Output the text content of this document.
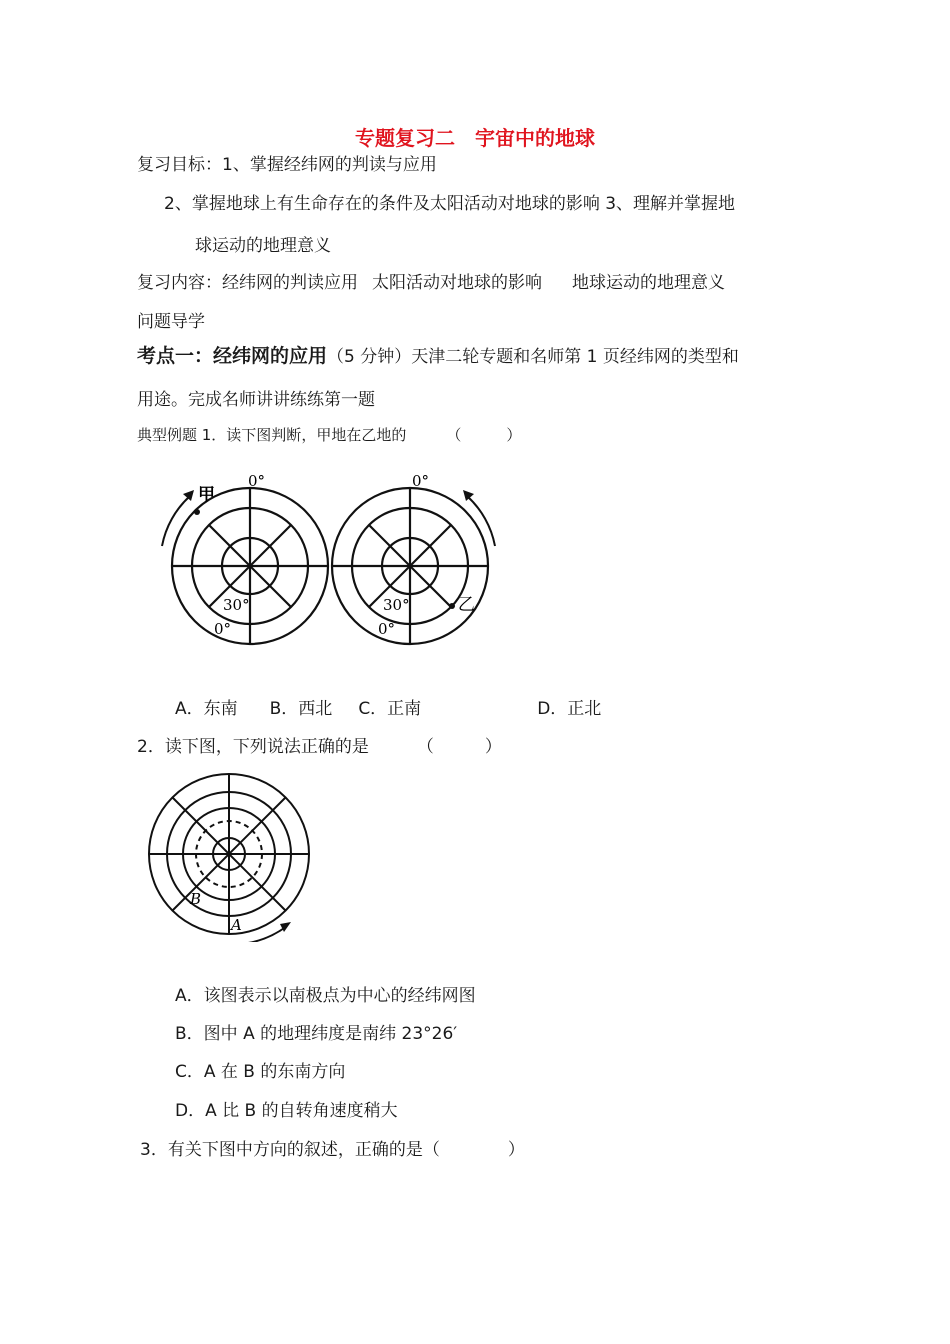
专题复习二　宇宙中的地球
复习目标：1、掌握经纬网的判读与应用
2、掌握地球上有生命存在的条件及太阳活动对地球的影响 3、理解并掌握地
球运动的地理意义
复习内容：经纬网的判读应用 太阳活动对地球的影响 地球运动的地理意义
问题导学
考点一：经纬网的应用（5 分钟）天津二轮专题和名师第 1 页经纬网的类型和
用途。完成名师讲讲练练第一题
典型例题 1．读下图判断，甲地在乙地的	（　　　）
甲
0°
30°
0°
乙
0°
30°
0°
A．东南 B．西北 C．正南	D．正北
2．读下图，下列说法正确的是	（　　　）
B
A
A．该图表示以南极点为中心的经纬网图
B．图中 A 的地理纬度是南纬 23°26′
C．A 在 B 的东南方向
D．A 比 B 的自转角速度稍大
3．有关下图中方向的叙述，正确的是（　　　　）
